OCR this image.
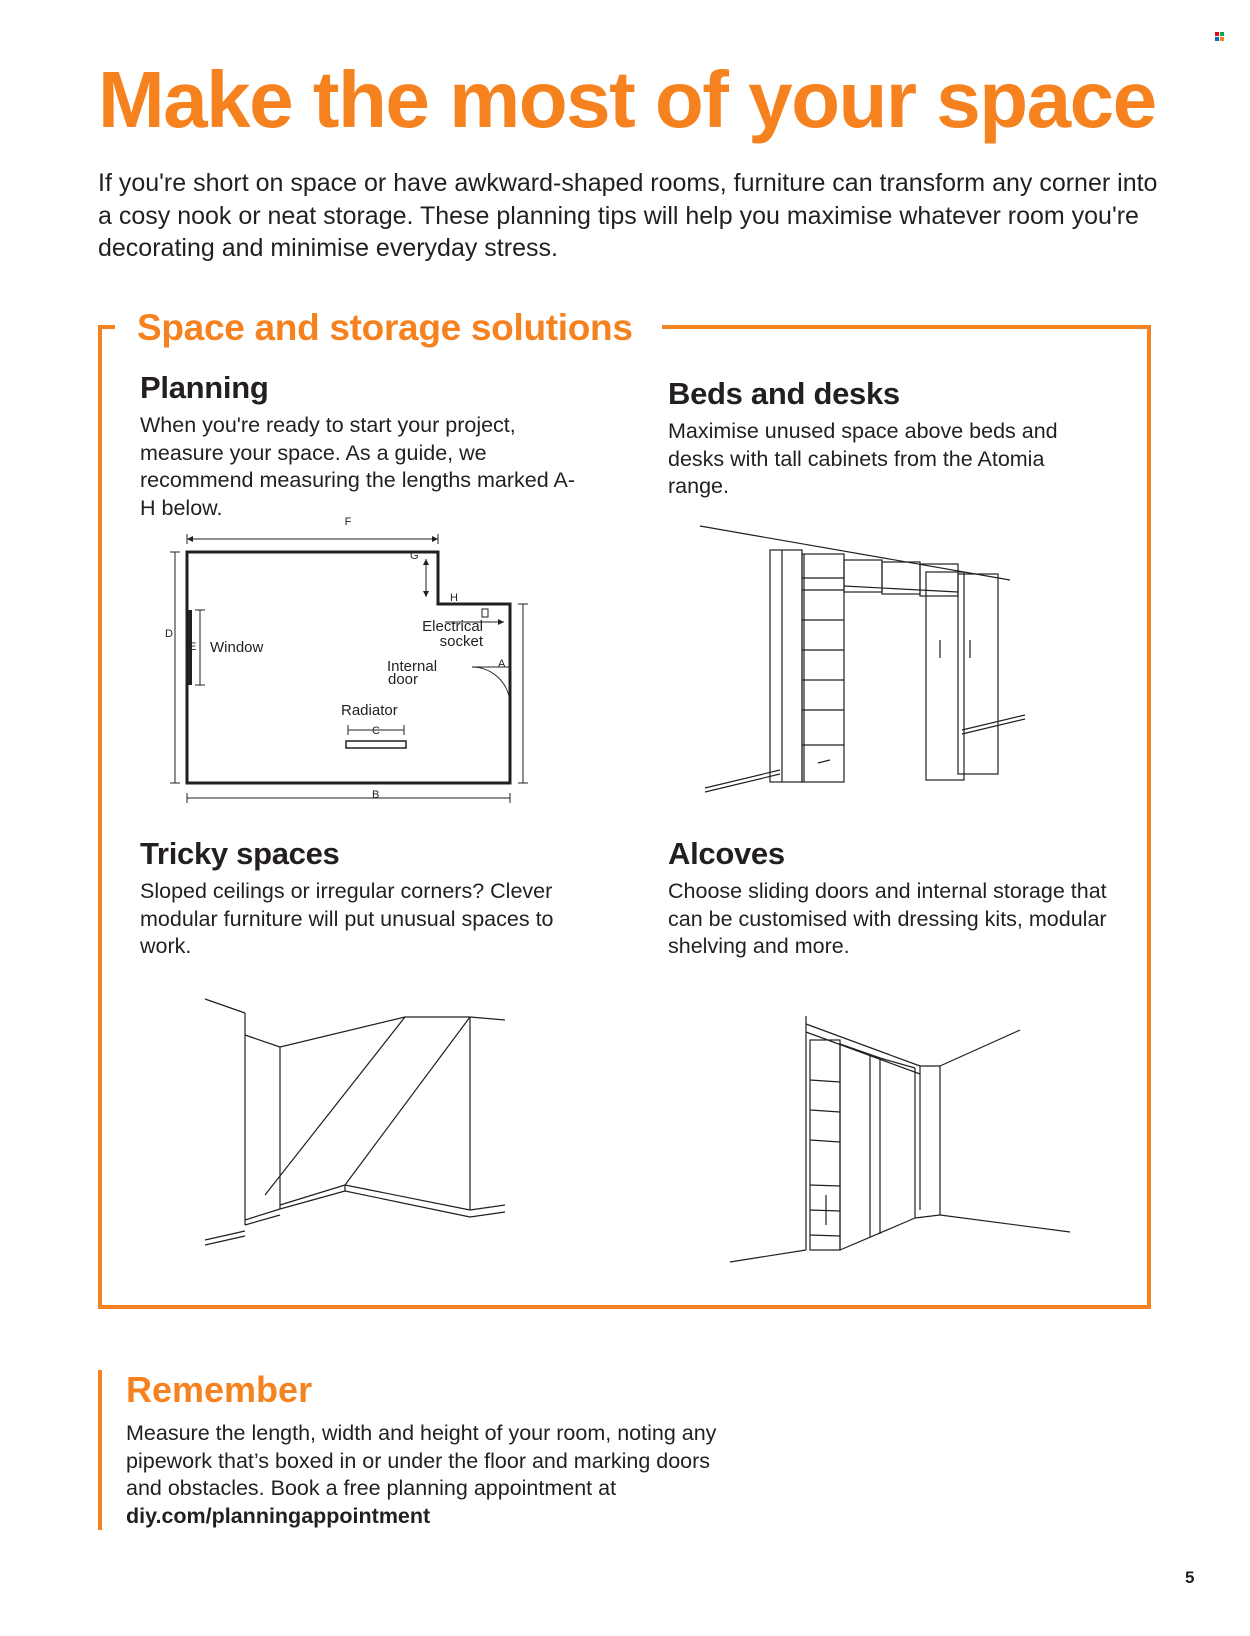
Make the most of your space

If you're short on space or have awkward-shaped rooms, furniture can transform any corner into a cosy nook or neat storage. These planning tips will help you maximise whatever room you're decorating and minimise everyday stress.

Space and storage solutions
Planning

When you're ready to start your project, measure your space. As a guide, we recommend measuring the lengths marked A-H below.

F
D
E Window
G
H
Electrical
socket
Internal
door
A
Radiator
C
B
Beds and desks

Maximise unused space above beds and desks with tall cabinets from the Atomia range.

Tricky spaces

Sloped ceilings or irregular corners? Clever modular furniture will put unusual spaces to work.

Alcoves

Choose sliding doors and internal storage that can be customised with dressing kits, modular shelving and more.

Remember

Measure the length, width and height of your room, noting any pipework that’s boxed in or under the floor and marking doors and obstacles. Book a free planning appointment at diy.com/planningappointment

5
